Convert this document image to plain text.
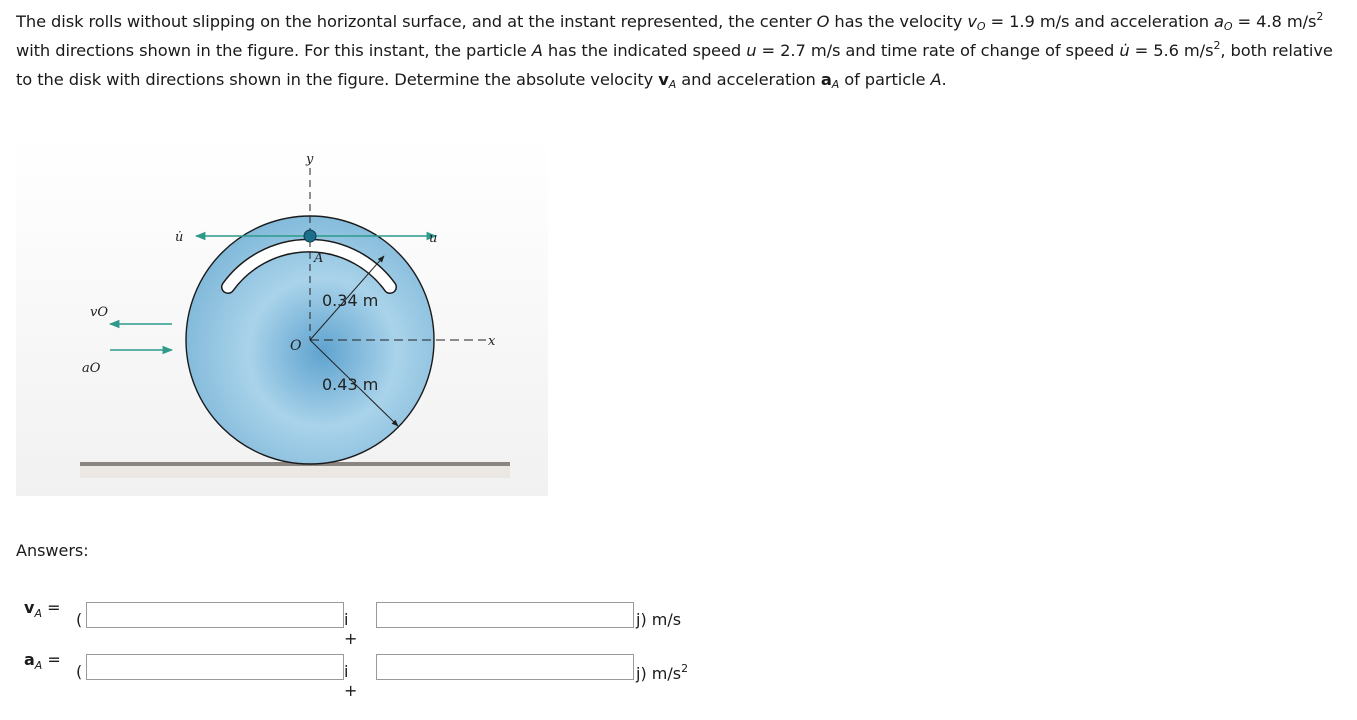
The disk rolls without slipping on the horizontal surface, and at the instant represented, the center O has the velocity $v_O = 1.9$ m/s and acceleration $a_O = 4.8$ $m/s^2$ with directions shown in the figure. For this instant, the particle A has the indicated speed u = 2.7 m/s and time rate of change of speed u̇ = 5.6 $m/s^2$, both relative to the disk with directions shown in the figure. Determine the absolute velocity $v_A$ and acceleration $a_A$ of particle A.
y
x
O
u
u̇
A
0.34 m
0.43 m
vO
aO
Answers:
$v_A$ =
(	i +
j) m/s
$a_A$ =
(	i +
j) $m/s^2$
